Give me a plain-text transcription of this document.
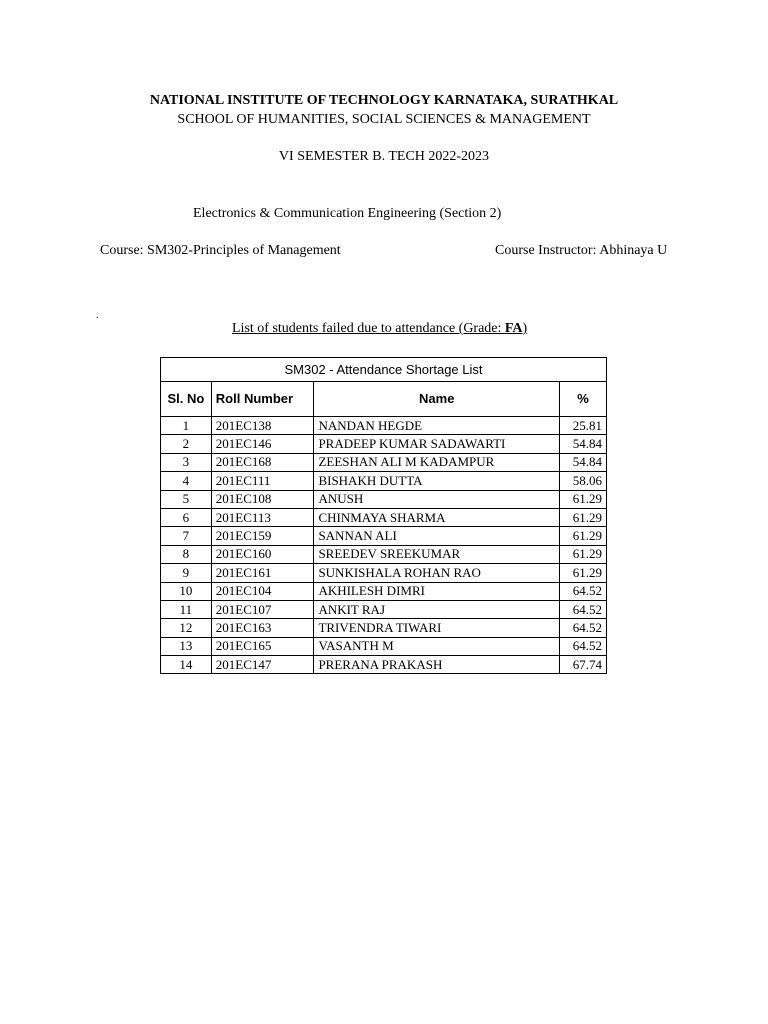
NATIONAL INSTITUTE OF TECHNOLOGY KARNATAKA, SURATHKAL
SCHOOL OF HUMANITIES, SOCIAL SCIENCES & MANAGEMENT
VI SEMESTER B. TECH 2022-2023
Electronics & Communication Engineering (Section 2)
Course: SM302-Principles of Management	Course Instructor: Abhinaya U
.
List of students failed due to attendance (Grade: FA)
SM302 - Attendance Shortage List			
Sl. No	Roll Number	Name	%
1	201EC138	NANDAN HEGDE	25.81
2	201EC146	PRADEEP KUMAR SADAWARTI	54.84
3	201EC168	ZEESHAN ALI M KADAMPUR	54.84
4	201EC111	BISHAKH DUTTA	58.06
5	201EC108	ANUSH	61.29
6	201EC113	CHINMAYA SHARMA	61.29
7	201EC159	SANNAN ALI	61.29
8	201EC160	SREEDEV SREEKUMAR	61.29
9	201EC161	SUNKISHALA ROHAN RAO	61.29
10	201EC104	AKHILESH DIMRI	64.52
11	201EC107	ANKIT RAJ	64.52
12	201EC163	TRIVENDRA TIWARI	64.52
13	201EC165	VASANTH M	64.52
14	201EC147	PRERANA PRAKASH	67.74
